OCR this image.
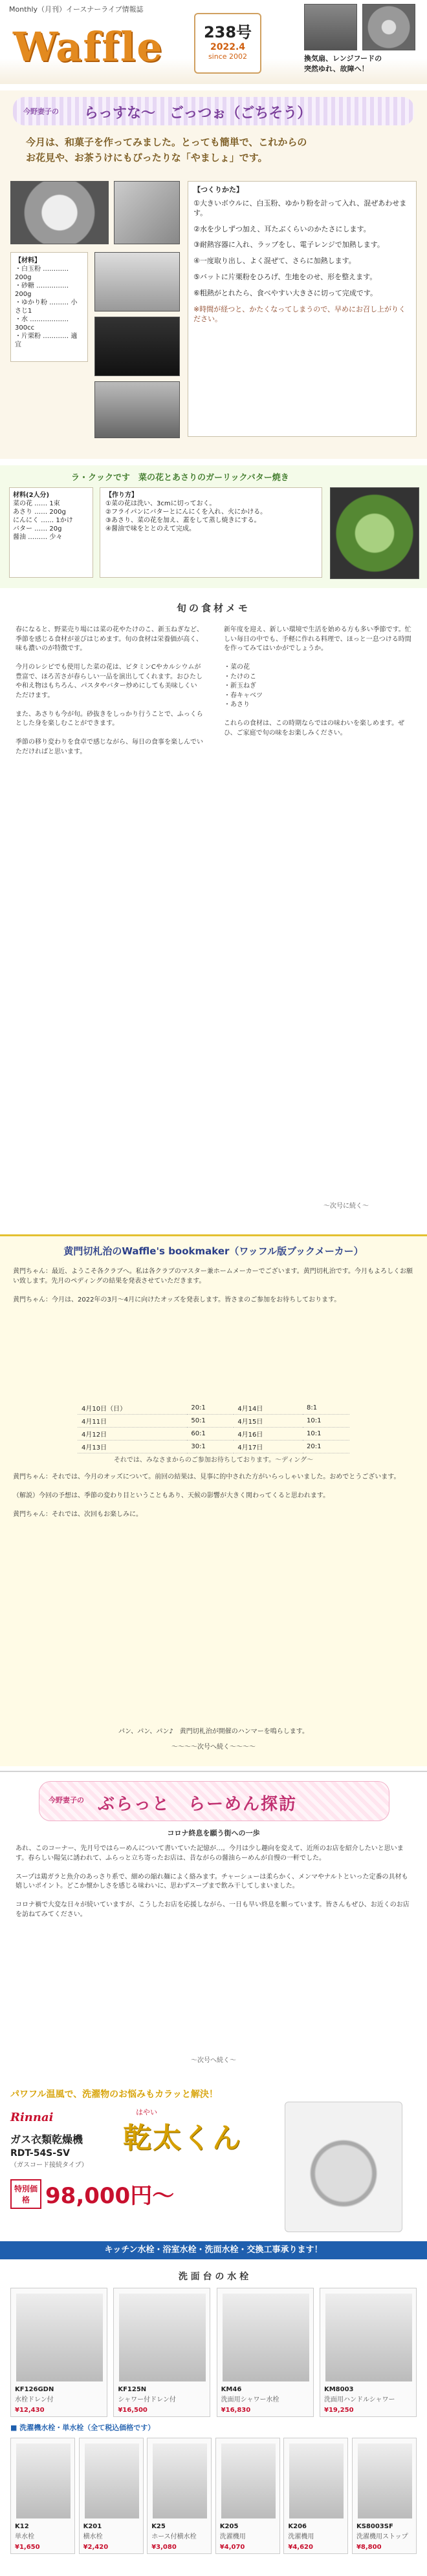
Monthly（月刊）イースナーライブ情報誌
Waffle	238号
2022.4
since 2002	換気扇、レンジフードの
突然ゆれ、故障へ！
今野妻子の らっすな〜　ごっつぉ（ごちそう）
今月は、和菓子を作ってみました。とっても簡単で、これからの
お花見や、お茶うけにもぴったりな「やましょ」です。
【つくりかた】
①大きいボウルに、白玉粉、ゆかり粉を計って入れ、混ぜあわせます。
②水を少しずつ加え、耳たぶくらいのかたさにします。
③耐熱容器に入れ、ラップをし、電子レンジで加熱します。
④一度取り出し、よく混ぜて、さらに加熱します。
⑤バットに片栗粉をひろげ、生地をのせ、形を整えます。
⑥粗熱がとれたら、食べやすい大きさに切って完成です。
※時間が経つと、かたくなってしまうので、早めにお召し上がりください。
【材料】
・白玉粉 ………… 200g
・砂糖 …………… 200g
・ゆかり粉 ……… 小さじ1
・水 ……………… 300cc
・片栗粉 ………… 適宜
ラ・クックです　菜の花とあさりのガーリックバター焼き
材料(2人分)
菜の花 …… 1束
あさり …… 200g
にんにく …… 1かけ
バター …… 20g
醤油 ……… 少々
【作り方】
①菜の花は洗い、3cmに切っておく。
②フライパンにバターとにんにくを入れ、火にかける。
③あさり、菜の花を加え、蓋をして蒸し焼きにする。
④醤油で味をととのえて完成。
旬の食材メモ
春になると、野菜売り場には菜の花やたけのこ、新玉ねぎなど、季節を感じる食材が並びはじめます。旬の食材は栄養価が高く、味も濃いのが特徴です。

今月のレシピでも使用した菜の花は、ビタミンCやカルシウムが豊富で、ほろ苦さが春らしい一品を演出してくれます。おひたしや和え物はもちろん、パスタやバター炒めにしても美味しくいただけます。

また、あさりも今が旬。砂抜きをしっかり行うことで、ふっくらとした身を楽しむことができます。

季節の移り変わりを食卓で感じながら、毎日の食事を楽しんでいただければと思います。
新年度を迎え、新しい環境で生活を始める方も多い季節です。忙しい毎日の中でも、手軽に作れる料理で、ほっと一息つける時間を作ってみてはいかがでしょうか。

・菜の花
・たけのこ
・新玉ねぎ
・春キャベツ
・あさり

これらの食材は、この時期ならではの味わいを楽しめます。ぜひ、ご家庭で旬の味をお楽しみください。
〜次号に続く〜
黄門切札治のWaffle's bookmaker（ワッフル版ブックメーカー）
黄門ちゃん：最近、ようこそ各クラブへ。私は各クラブのマスター兼ホームメーカーでございます。黄門切札治です。今月もよろしくお願い致します。先月のペディングの結果を発表させていただきます。

黄門ちゃん：今月は、2022年の3月〜4月に向けたオッズを発表します。皆さまのご参加をお待ちしております。
4月10日（日）	20:1	4月14日	8:1
4月11日	50:1	4月15日	10:1
4月12日	60:1	4月16日	10:1
4月13日	30:1	4月17日	20:1
それでは、みなさまからのご参加お待ちしております。〜ディング〜
黄門ちゃん：それでは、今月のオッズについて。前回の結果は、見事に的中された方がいらっしゃいました。おめでとうございます。

（解説）今回の予想は、季節の変わり目ということもあり、天候の影響が大きく関わってくると思われます。

黄門ちゃん：それでは、次回もお楽しみに。
パン、パン、パン♪　黄門切札治が開催のハンマーを鳴らします。
〜〜〜〜次号へ続く〜〜〜〜
今野妻子の ぶらっと　らーめん探訪
コロナ終息を願う街への一歩
あれ、このコーナー、先月号ではらーめんについて書いていた記憶が…。今月は少し趣向を変えて、近所のお店を紹介したいと思います。春らしい陽気に誘われて、ふらっと立ち寄ったお店は、昔ながらの醤油らーめんが自慢の一軒でした。

スープは鶏ガラと魚介のあっさり系で、細めの縮れ麺によく絡みます。チャーシューは柔らかく、メンマやナルトといった定番の具材も嬉しいポイント。どこか懐かしさを感じる味わいに、思わずスープまで飲み干してしまいました。

コロナ禍で大変な日々が続いていますが、こうしたお店を応援しながら、一日も早い終息を願っています。皆さんもぜひ、お近くのお店を訪ねてみてください。
〜次号へ続く〜
パワフル温風で、洗濯物のお悩みもカラッと解決！
Rinnai
ガス衣類乾燥機
RDT-54S-SV
（ガスコード接続タイプ）
はやい
乾太くん
特別価格 98,000円〜
キッチン水栓・浴室水栓・洗面水栓・交換工事承ります！
洗 面 台 の 水 栓
KF126GDN
水栓ドレン付
¥12,430
KF125N
シャワー付ドレン付
¥16,500
KM46
洗面用シャワー水栓
¥16,830
KM8003
洗面用ハンドルシャワー
¥19,250
■ 洗濯機水栓・単水栓（全て税込価格です）
K12
単水栓
¥1,650
K201
横水栓
¥2,420
K25
ホース付横水栓
¥3,080
K205
洗濯機用
¥4,070
K206
洗濯機用
¥4,620
KS8003SF
洗濯機用ストップ
¥8,800
